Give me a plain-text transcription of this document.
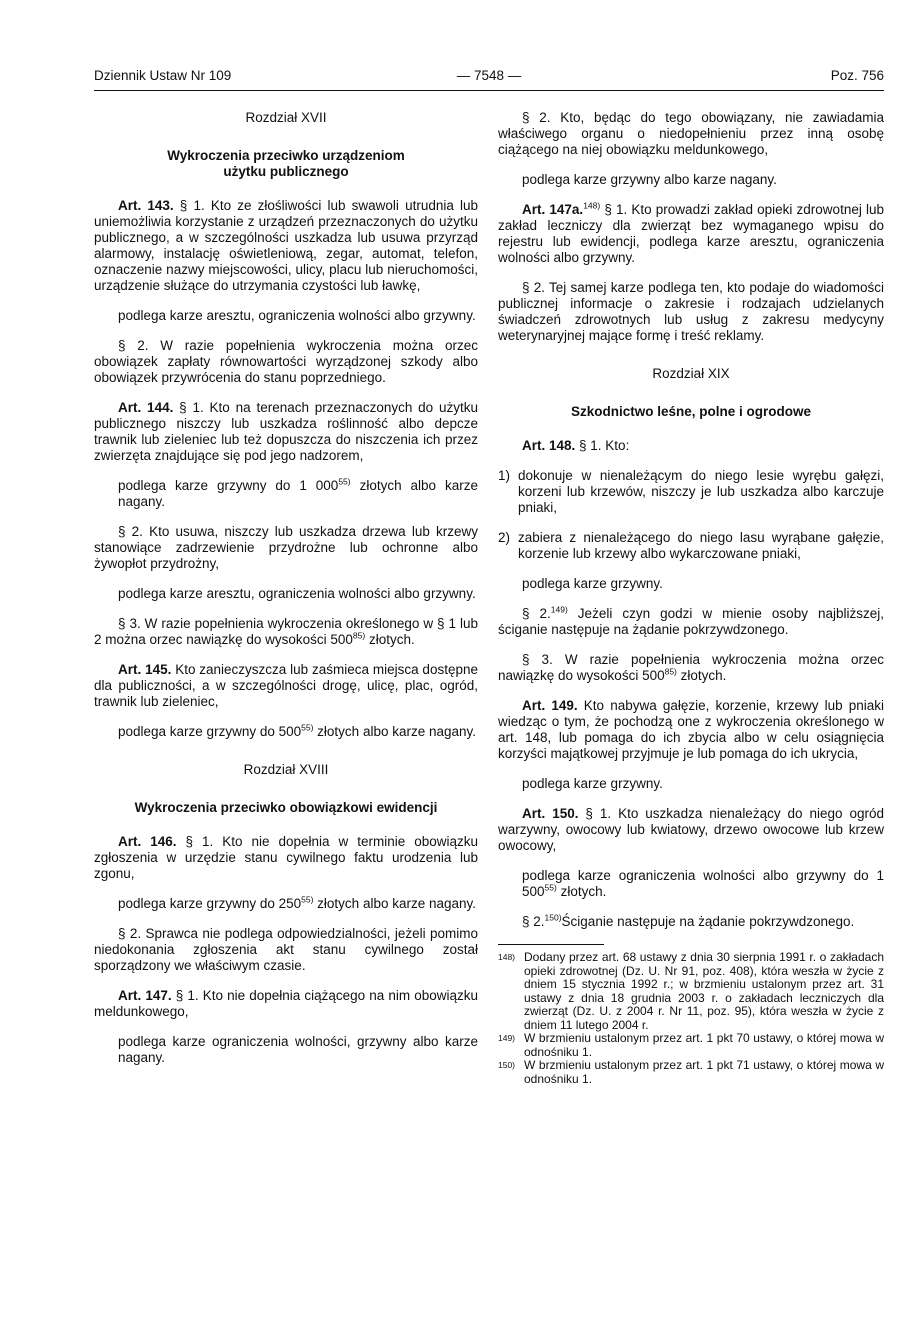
Dziennik Ustaw Nr 109	— 7548 —	Poz. 756

Rozdział XVII

Wykroczenia przeciwko urządzeniom
użytku publicznego

Art. 143. § 1. Kto ze złośliwości lub swawoli utrudnia lub uniemożliwia korzystanie z urządzeń przeznaczonych do użytku publicznego, a w szczególności uszkadza lub usuwa przyrząd alarmowy, instalację oświetleniową, zegar, automat, telefon, oznaczenie nazwy miejscowości, ulicy, placu lub nieruchomości, urządzenie służące do utrzymania czystości lub ławkę,

podlega karze aresztu, ograniczenia wolności albo grzywny.

§ 2. W razie popełnienia wykroczenia można orzec obowiązek zapłaty równowartości wyrządzonej szkody albo obowiązek przywrócenia do stanu poprzedniego.

Art. 144. § 1. Kto na terenach przeznaczonych do użytku publicznego niszczy lub uszkadza roślinność albo depcze trawnik lub zieleniec lub też dopuszcza do niszczenia ich przez zwierzęta znajdujące się pod jego nadzorem,

podlega karze grzywny do 1 000$^{55)}$ złotych albo karze nagany.

§ 2. Kto usuwa, niszczy lub uszkadza drzewa lub krzewy stanowiące zadrzewienie przydrożne lub ochronne albo żywopłot przydrożny,

podlega karze aresztu, ograniczenia wolności albo grzywny.

§ 3. W razie popełnienia wykroczenia określonego w § 1 lub 2 można orzec nawiązkę do wysokości 500$^{85)}$ złotych.

Art. 145. Kto zanieczyszcza lub zaśmieca miejsca dostępne dla publiczności, a w szczególności drogę, ulicę, plac, ogród, trawnik lub zieleniec,

podlega karze grzywny do 500$^{55)}$ złotych albo karze nagany.

Rozdział XVIII

Wykroczenia przeciwko obowiązkowi ewidencji

Art. 146. § 1. Kto nie dopełnia w terminie obowiązku zgłoszenia w urzędzie stanu cywilnego faktu urodzenia lub zgonu,

podlega karze grzywny do 250$^{55)}$ złotych albo karze nagany.

§ 2. Sprawca nie podlega odpowiedzialności, jeżeli pomimo niedokonania zgłoszenia akt stanu cywilnego został sporządzony we właściwym czasie.

Art. 147. § 1. Kto nie dopełnia ciążącego na nim obowiązku meldunkowego,

podlega karze ograniczenia wolności, grzywny albo karze nagany.

§ 2. Kto, będąc do tego obowiązany, nie zawiadamia właściwego organu o niedopełnieniu przez inną osobę ciążącego na niej obowiązku meldunkowego,

podlega karze grzywny albo karze nagany.

Art. 147a.$^{148)}$ § 1. Kto prowadzi zakład opieki zdrowotnej lub zakład leczniczy dla zwierząt bez wymaganego wpisu do rejestru lub ewidencji, podlega karze aresztu, ograniczenia wolności albo grzywny.

§ 2. Tej samej karze podlega ten, kto podaje do wiadomości publicznej informacje o zakresie i rodzajach udzielanych świadczeń zdrowotnych lub usług z zakresu medycyny weterynaryjnej mające formę i treść reklamy.

Rozdział XIX

Szkodnictwo leśne, polne i ogrodowe

Art. 148. § 1. Kto:

1) dokonuje w nienależącym do niego lesie wyrębu gałęzi, korzeni lub krzewów, niszczy je lub uszkadza albo karczuje pniaki,
2) zabiera z nienależącego do niego lasu wyrąbane gałęzie, korzenie lub krzewy albo wykarczowane pniaki,

podlega karze grzywny.

§ 2.$^{149)}$ Jeżeli czyn godzi w mienie osoby najbliższej, ściganie następuje na żądanie pokrzywdzonego.

§ 3. W razie popełnienia wykroczenia można orzec nawiązkę do wysokości 500$^{85)}$ złotych.

Art. 149. Kto nabywa gałęzie, korzenie, krzewy lub pniaki wiedząc o tym, że pochodzą one z wykroczenia określonego w art. 148, lub pomaga do ich zbycia albo w celu osiągnięcia korzyści majątkowej przyjmuje je lub pomaga do ich ukrycia,

podlega karze grzywny.

Art. 150. § 1. Kto uszkadza nienależący do niego ogród warzywny, owocowy lub kwiatowy, drzewo owocowe lub krzew owocowy,

podlega karze ograniczenia wolności albo grzywny do 1 500$^{55)}$ złotych.

§ 2.$^{150)}$Ściganie następuje na żądanie pokrzywdzonego.

148) Dodany przez art. 68 ustawy z dnia 30 sierpnia 1991 r. o zakładach opieki zdrowotnej (Dz. U. Nr 91, poz. 408), która weszła w życie z dniem 15 stycznia 1992 r.; w brzmieniu ustalonym przez art. 31 ustawy z dnia 18 grudnia 2003 r. o zakładach leczniczych dla zwierząt (Dz. U. z 2004 r. Nr 11, poz. 95), która weszła w życie z dniem 11 lutego 2004 r.
149) W brzmieniu ustalonym przez art. 1 pkt 70 ustawy, o której mowa w odnośniku 1.
150) W brzmieniu ustalonym przez art. 1 pkt 71 ustawy, o której mowa w odnośniku 1.
